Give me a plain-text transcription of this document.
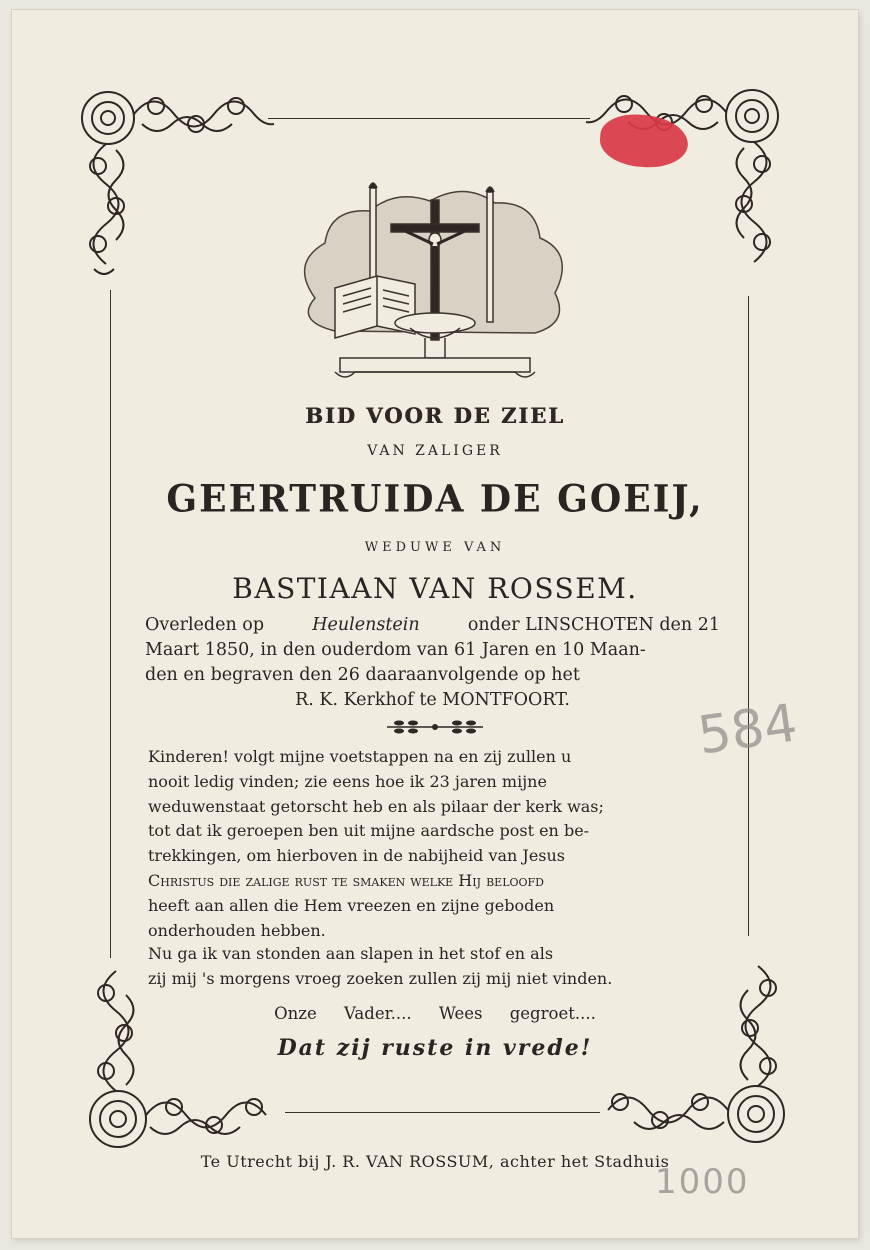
BID VOOR DE ZIEL
VAN ZALIGER
GEERTRUIDA DE GOEIJ,
WEDUWE VAN
BASTIAAN VAN ROSSEM.
Overleden op	Heulenstein	onder LINSCHOTEN den 21
Maart 1850, in den ouderdom van 61 Jaren en 10 Maan-
den en begraven den 26 daaraanvolgende op het
R. K. Kerkhof te MONTFOORT.
Kinderen! volgt mijne voetstappen na en zij zullen u
nooit ledig vinden; zie eens hoe ik 23 jaren mijne
weduwenstaat getorscht heb en als pilaar der kerk was;
tot dat ik geroepen ben uit mijne aardsche post en be-
trekkingen, om hierboven in de nabijheid van Jesus
Christus die zalige rust te smaken welke Hij beloofd
heeft aan allen die Hem vreezen en zijne geboden
onderhouden hebben.
Nu ga ik van stonden aan slapen in het stof en als
zij mij 's morgens vroeg zoeken zullen zij mij niet vinden.
Onze Vader.... Wees gegroet....
Dat zij ruste in vrede!
Te Utrecht bij J. R. VAN ROSSUM, achter het Stadhuis
584
1000
